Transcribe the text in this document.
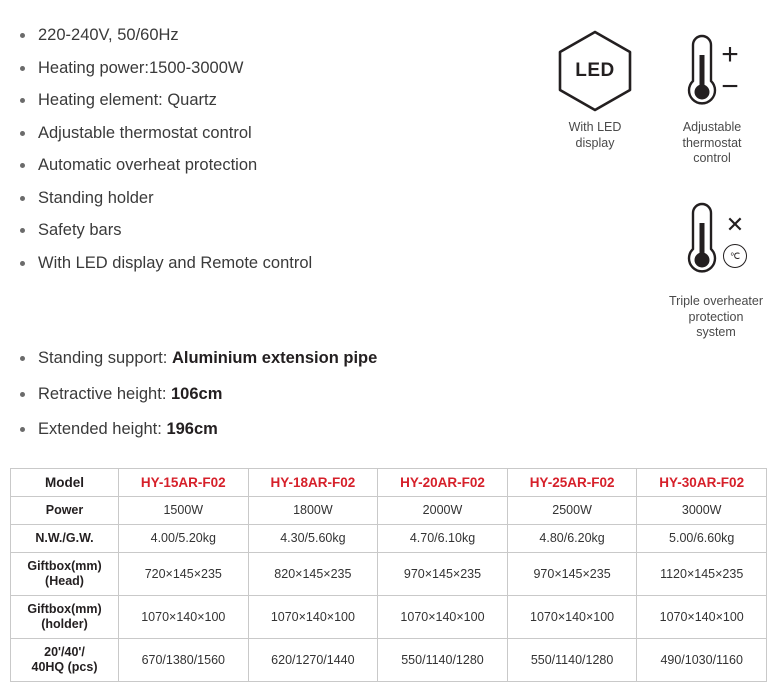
220-240V, 50/60Hz
Heating power:1500-3000W
Heating element: Quartz
Adjustable thermostat control
Automatic overheat protection
Standing holder
Safety bars
With LED display and Remote control
Standing support: Aluminium extension pipe
Retractive height: 106cm
Extended height: 196cm
LED
With LED
display
+
−
Adjustable
thermostat
control
✕
℃
Triple overheater
protection
system
Model	HY-15AR-F02	HY-18AR-F02	HY-20AR-F02	HY-25AR-F02	HY-30AR-F02
Power	1500W	1800W	2000W	2500W	3000W
N.W./G.W.	4.00/5.20kg	4.30/5.60kg	4.70/6.10kg	4.80/6.20kg	5.00/6.60kg
Giftbox(mm)
(Head)	720×145×235	820×145×235	970×145×235	970×145×235	1120×145×235
Giftbox(mm)
(holder)	1070×140×100	1070×140×100	1070×140×100	1070×140×100	1070×140×100
20'/40'/
40HQ (pcs)	670/1380/1560	620/1270/1440	550/1140/1280	550/1140/1280	490/1030/1160
